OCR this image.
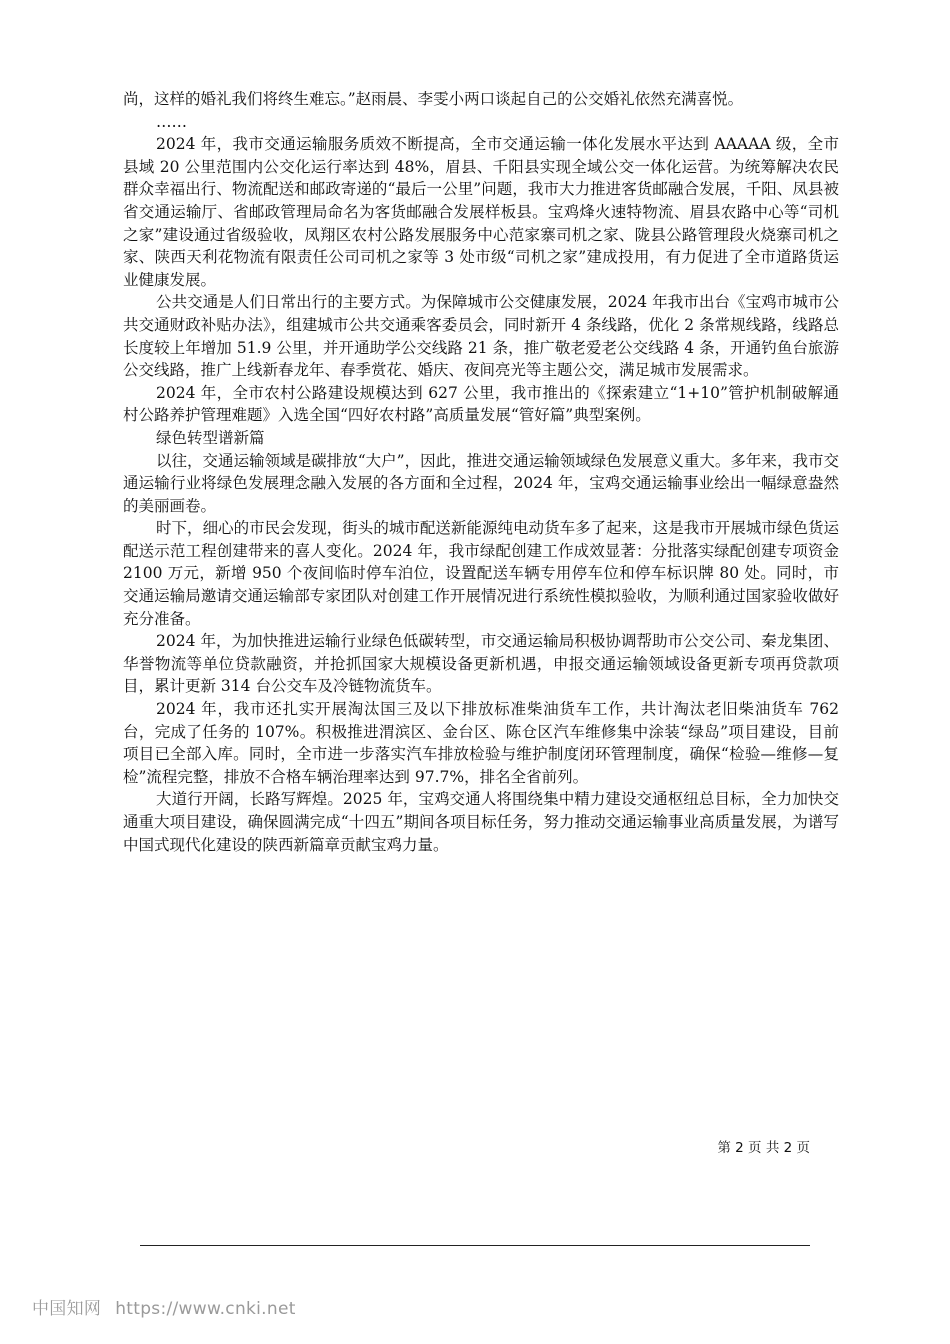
尚，这样的婚礼我们将终生难忘。”赵雨晨、李雯小两口谈起自己的公交婚礼依然充满喜悦。

……

2024 年，我市交通运输服务质效不断提高，全市交通运输一体化发展水平达到 AAAAA 级，全市县域 20 公里范围内公交化运行率达到 48%，眉县、千阳县实现全域公交一体化运营。为统筹解决农民群众幸福出行、物流配送和邮政寄递的“最后一公里”问题，我市大力推进客货邮融合发展，千阳、凤县被省交通运输厅、省邮政管理局命名为客货邮融合发展样板县。宝鸡烽火速特物流、眉县农路中心等“司机之家”建设通过省级验收，凤翔区农村公路发展服务中心范家寨司机之家、陇县公路管理段火烧寨司机之家、陕西天利花物流有限责任公司司机之家等 3 处市级“司机之家”建成投用，有力促进了全市道路货运业健康发展。

公共交通是人们日常出行的主要方式。为保障城市公交健康发展，2024 年我市出台《宝鸡市城市公共交通财政补贴办法》，组建城市公共交通乘客委员会，同时新开 4 条线路，优化 2 条常规线路，线路总长度较上年增加 51.9 公里，并开通助学公交线路 21 条，推广敬老爱老公交线路 4 条，开通钓鱼台旅游公交线路，推广上线新春龙年、春季赏花、婚庆、夜间亮光等主题公交，满足城市发展需求。

2024 年，全市农村公路建设规模达到 627 公里，我市推出的《探索建立“1+10”管护机制破解通村公路养护管理难题》入选全国“四好农村路”高质量发展“管好篇”典型案例。

绿色转型谱新篇

以往，交通运输领域是碳排放“大户”，因此，推进交通运输领域绿色发展意义重大。多年来，我市交通运输行业将绿色发展理念融入发展的各方面和全过程，2024 年，宝鸡交通运输事业绘出一幅绿意盎然的美丽画卷。

时下，细心的市民会发现，街头的城市配送新能源纯电动货车多了起来，这是我市开展城市绿色货运配送示范工程创建带来的喜人变化。2024 年，我市绿配创建工作成效显著：分批落实绿配创建专项资金 2100 万元，新增 950 个夜间临时停车泊位，设置配送车辆专用停车位和停车标识牌 80 处。同时，市交通运输局邀请交通运输部专家团队对创建工作开展情况进行系统性模拟验收，为顺利通过国家验收做好充分准备。

2024 年，为加快推进运输行业绿色低碳转型，市交通运输局积极协调帮助市公交公司、秦龙集团、华誉物流等单位贷款融资，并抢抓国家大规模设备更新机遇，申报交通运输领域设备更新专项再贷款项目，累计更新 314 台公交车及冷链物流货车。

2024 年，我市还扎实开展淘汰国三及以下排放标准柴油货车工作，共计淘汰老旧柴油货车 762 台，完成了任务的 107%。积极推进渭滨区、金台区、陈仓区汽车维修集中涂装“绿岛”项目建设，目前项目已全部入库。同时，全市进一步落实汽车排放检验与维护制度闭环管理制度，确保“检验—维修—复检”流程完整，排放不合格车辆治理率达到 97.7%，排名全省前列。

大道行开阔，长路写辉煌。2025 年，宝鸡交通人将围绕集中精力建设交通枢纽总目标，全力加快交通重大项目建设，确保圆满完成“十四五”期间各项目标任务，努力推动交通运输事业高质量发展，为谱写中国式现代化建设的陕西新篇章贡献宝鸡力量。

第 2 页 共 2 页
中国知网 https://www.cnki.net
